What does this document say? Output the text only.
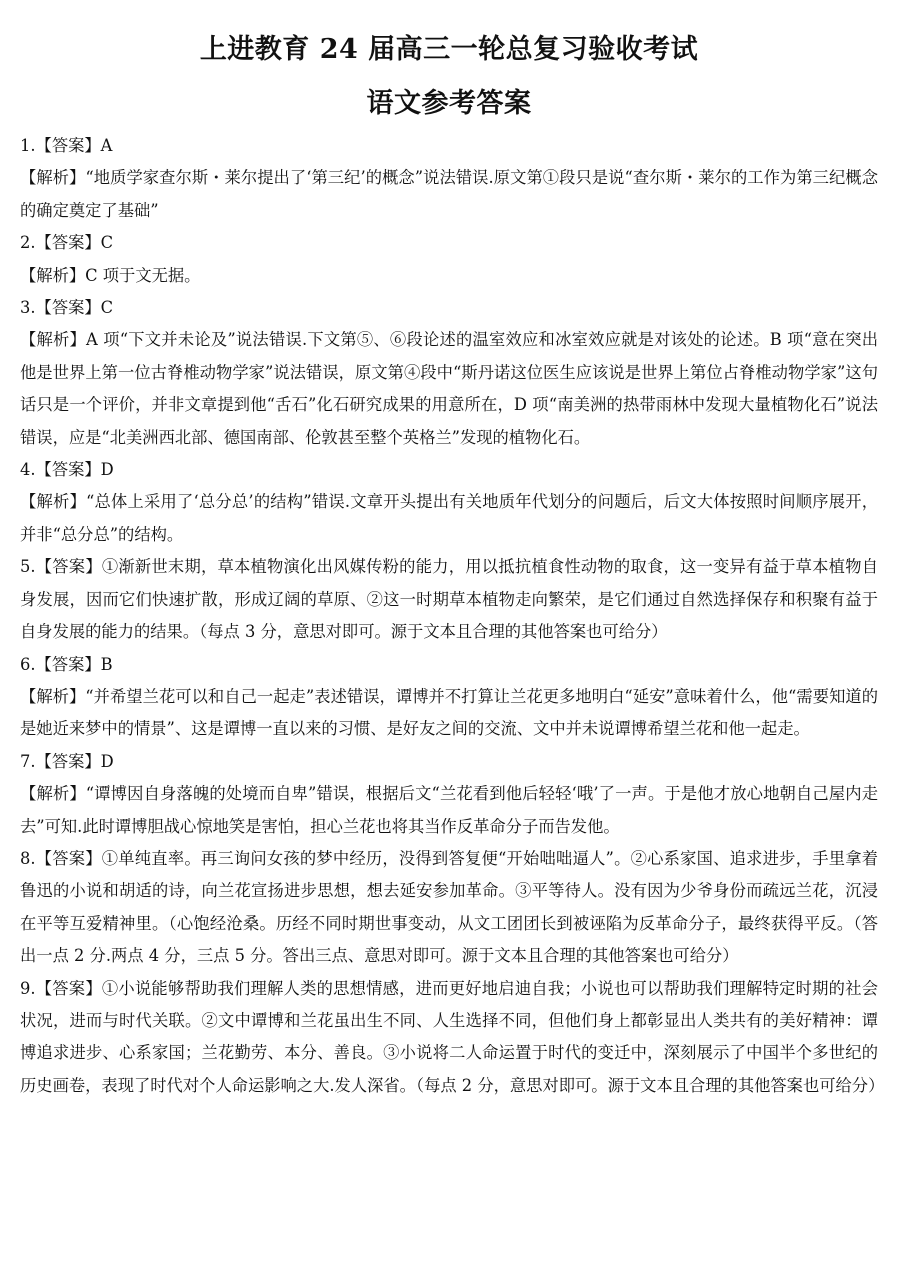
上进教育 24 届高三一轮总复习验收考试
语文参考答案

1.【答案】A

【解析】“地质学家查尔斯・莱尔提出了‘第三纪’的概念”说法错误.原文第①段只是说“查尔斯・莱尔的工作为第三纪概念的确定奠定了基础”

2.【答案】C

【解析】C 项于文无据。

3.【答案】C

【解析】A 项“下文并未论及”说法错误.下文第⑤、⑥段论述的温室效应和冰室效应就是对该处的论述。B 项“意在突出他是世界上第一位古脊椎动物学家”说法错误，原文第④段中“斯丹诺这位医生应该说是世界上第位占脊椎动物学家”这句话只是一个评价，并非文章提到他“舌石”化石研究成果的用意所在，D 项“南美洲的热带雨林中发现大量植物化石”说法错误，应是“北美洲西北部、德国南部、伦敦甚至整个英格兰”发现的植物化石。

4.【答案】D

【解析】“总体上采用了‘总分总’的结构”错误.文章开头提出有关地质年代划分的问题后，后文大体按照时间顺序展开，并非“总分总”的结构。

5.【答案】①渐新世末期，草本植物演化出风媒传粉的能力，用以抵抗植食性动物的取食，这一变异有益于草本植物自身发展，因而它们快速扩散，形成辽阔的草原、②这一时期草本植物走向繁荣，是它们通过自然选择保存和积聚有益于自身发展的能力的结果。（每点 3 分，意思对即可。源于文本且合理的其他答案也可给分）

6.【答案】B

【解析】“并希望兰花可以和自己一起走”表述错误，谭博并不打算让兰花更多地明白“延安”意味着什么，他“需要知道的是她近来梦中的情景”、这是谭博一直以来的习惯、是好友之间的交流、文中并未说谭博希望兰花和他一起走。

7.【答案】D

【解析】“谭博因自身落魄的处境而自卑”错误，根据后文“兰花看到他后轻轻‘哦’了一声。于是他才放心地朝自己屋内走去”可知.此时谭博胆战心惊地笑是害怕，担心兰花也将其当作反革命分子而告发他。

8.【答案】①单纯直率。再三询问女孩的梦中经历，没得到答复便“开始咄咄逼人”。②心系家国、追求进步，手里拿着鲁迅的小说和胡适的诗，向兰花宣扬进步思想，想去延安参加革命。③平等待人。没有因为少爷身份而疏远兰花，沉浸在平等互爱精神里。（心饱经沧桑。历经不同时期世事变动，从文工团团长到被诬陷为反革命分子，最终获得平反。（答出一点 2 分.两点 4 分，三点 5 分。答出三点、意思对即可。源于文本且合理的其他答案也可给分）

9.【答案】①小说能够帮助我们理解人类的思想情感，进而更好地启迪自我；小说也可以帮助我们理解特定时期的社会状况，进而与时代关联。②文中谭博和兰花虽出生不同、人生选择不同，但他们身上都彰显出人类共有的美好精神：谭博追求进步、心系家国；兰花勤劳、本分、善良。③小说将二人命运置于时代的变迁中，深刻展示了中国半个多世纪的历史画卷，表现了时代对个人命运影响之大.发人深省。（每点 2 分，意思对即可。源于文本且合理的其他答案也可给分）
